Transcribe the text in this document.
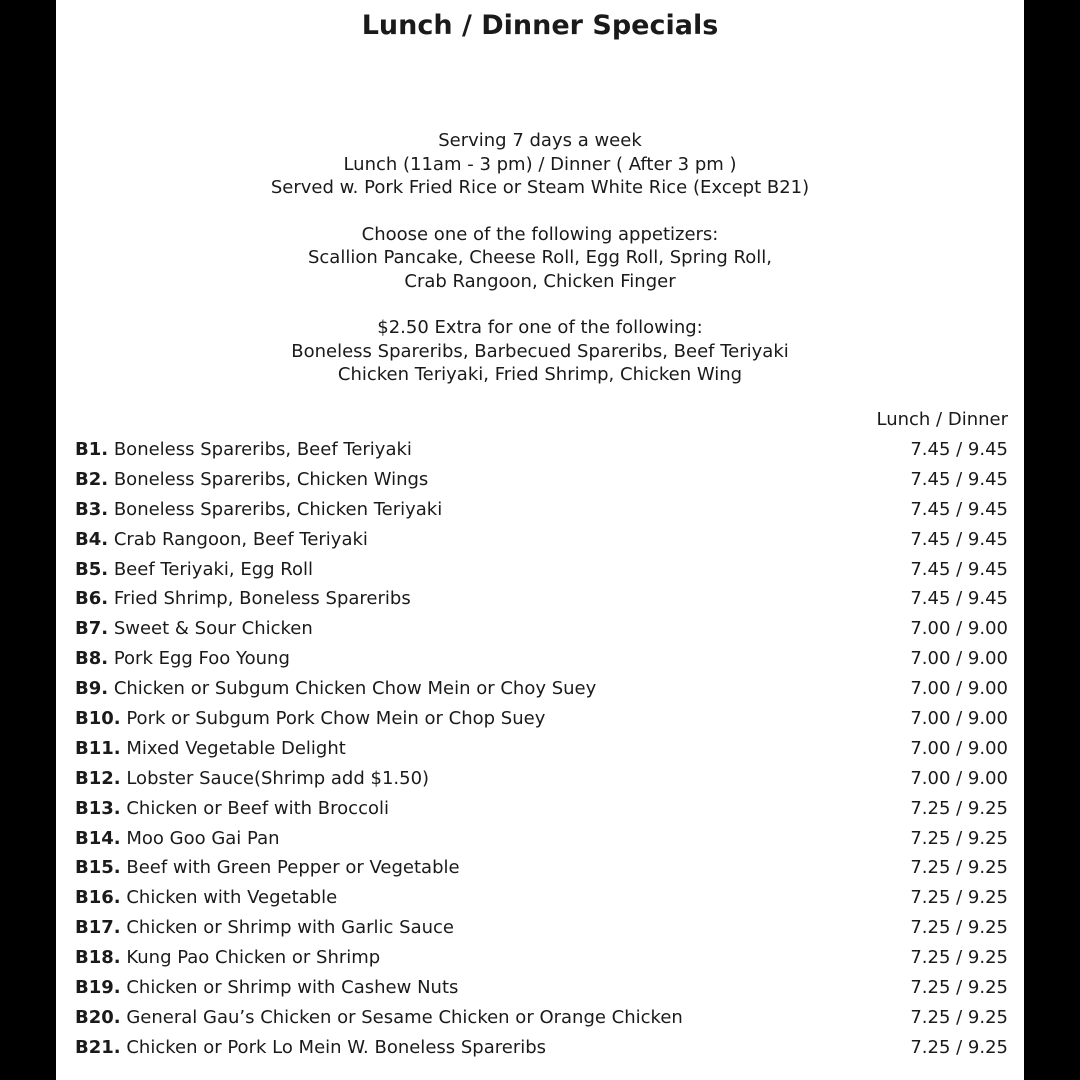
Lunch / Dinner Specials
Serving 7 days a week
Lunch (11am - 3 pm) / Dinner ( After 3 pm )
Served w. Pork Fried Rice or Steam White Rice (Except B21)
Choose one of the following appetizers:
Scallion Pancake, Cheese Roll, Egg Roll, Spring Roll,
Crab Rangoon, Chicken Finger
$2.50 Extra for one of the following:
Boneless Spareribs, Barbecued Spareribs, Beef Teriyaki
Chicken Teriyaki, Fried Shrimp, Chicken Wing
Lunch / Dinner
B1. Boneless Spareribs, Beef Teriyaki	7.45 / 9.45
B2. Boneless Spareribs, Chicken Wings	7.45 / 9.45
B3. Boneless Spareribs, Chicken Teriyaki	7.45 / 9.45
B4. Crab Rangoon, Beef Teriyaki	7.45 / 9.45
B5. Beef Teriyaki, Egg Roll	7.45 / 9.45
B6. Fried Shrimp, Boneless Spareribs	7.45 / 9.45
B7. Sweet & Sour Chicken	7.00 / 9.00
B8. Pork Egg Foo Young	7.00 / 9.00
B9. Chicken or Subgum Chicken Chow Mein or Choy Suey	7.00 / 9.00
B10. Pork or Subgum Pork Chow Mein or Chop Suey	7.00 / 9.00
B11. Mixed Vegetable Delight	7.00 / 9.00
B12. Lobster Sauce(Shrimp add $1.50)	7.00 / 9.00
B13. Chicken or Beef with Broccoli	7.25 / 9.25
B14. Moo Goo Gai Pan	7.25 / 9.25
B15. Beef with Green Pepper or Vegetable	7.25 / 9.25
B16. Chicken with Vegetable	7.25 / 9.25
B17. Chicken or Shrimp with Garlic Sauce	7.25 / 9.25
B18. Kung Pao Chicken or Shrimp	7.25 / 9.25
B19. Chicken or Shrimp with Cashew Nuts	7.25 / 9.25
B20. General Gau’s Chicken or Sesame Chicken or Orange Chicken	7.25 / 9.25
B21. Chicken or Pork Lo Mein W. Boneless Spareribs	7.25 / 9.25
